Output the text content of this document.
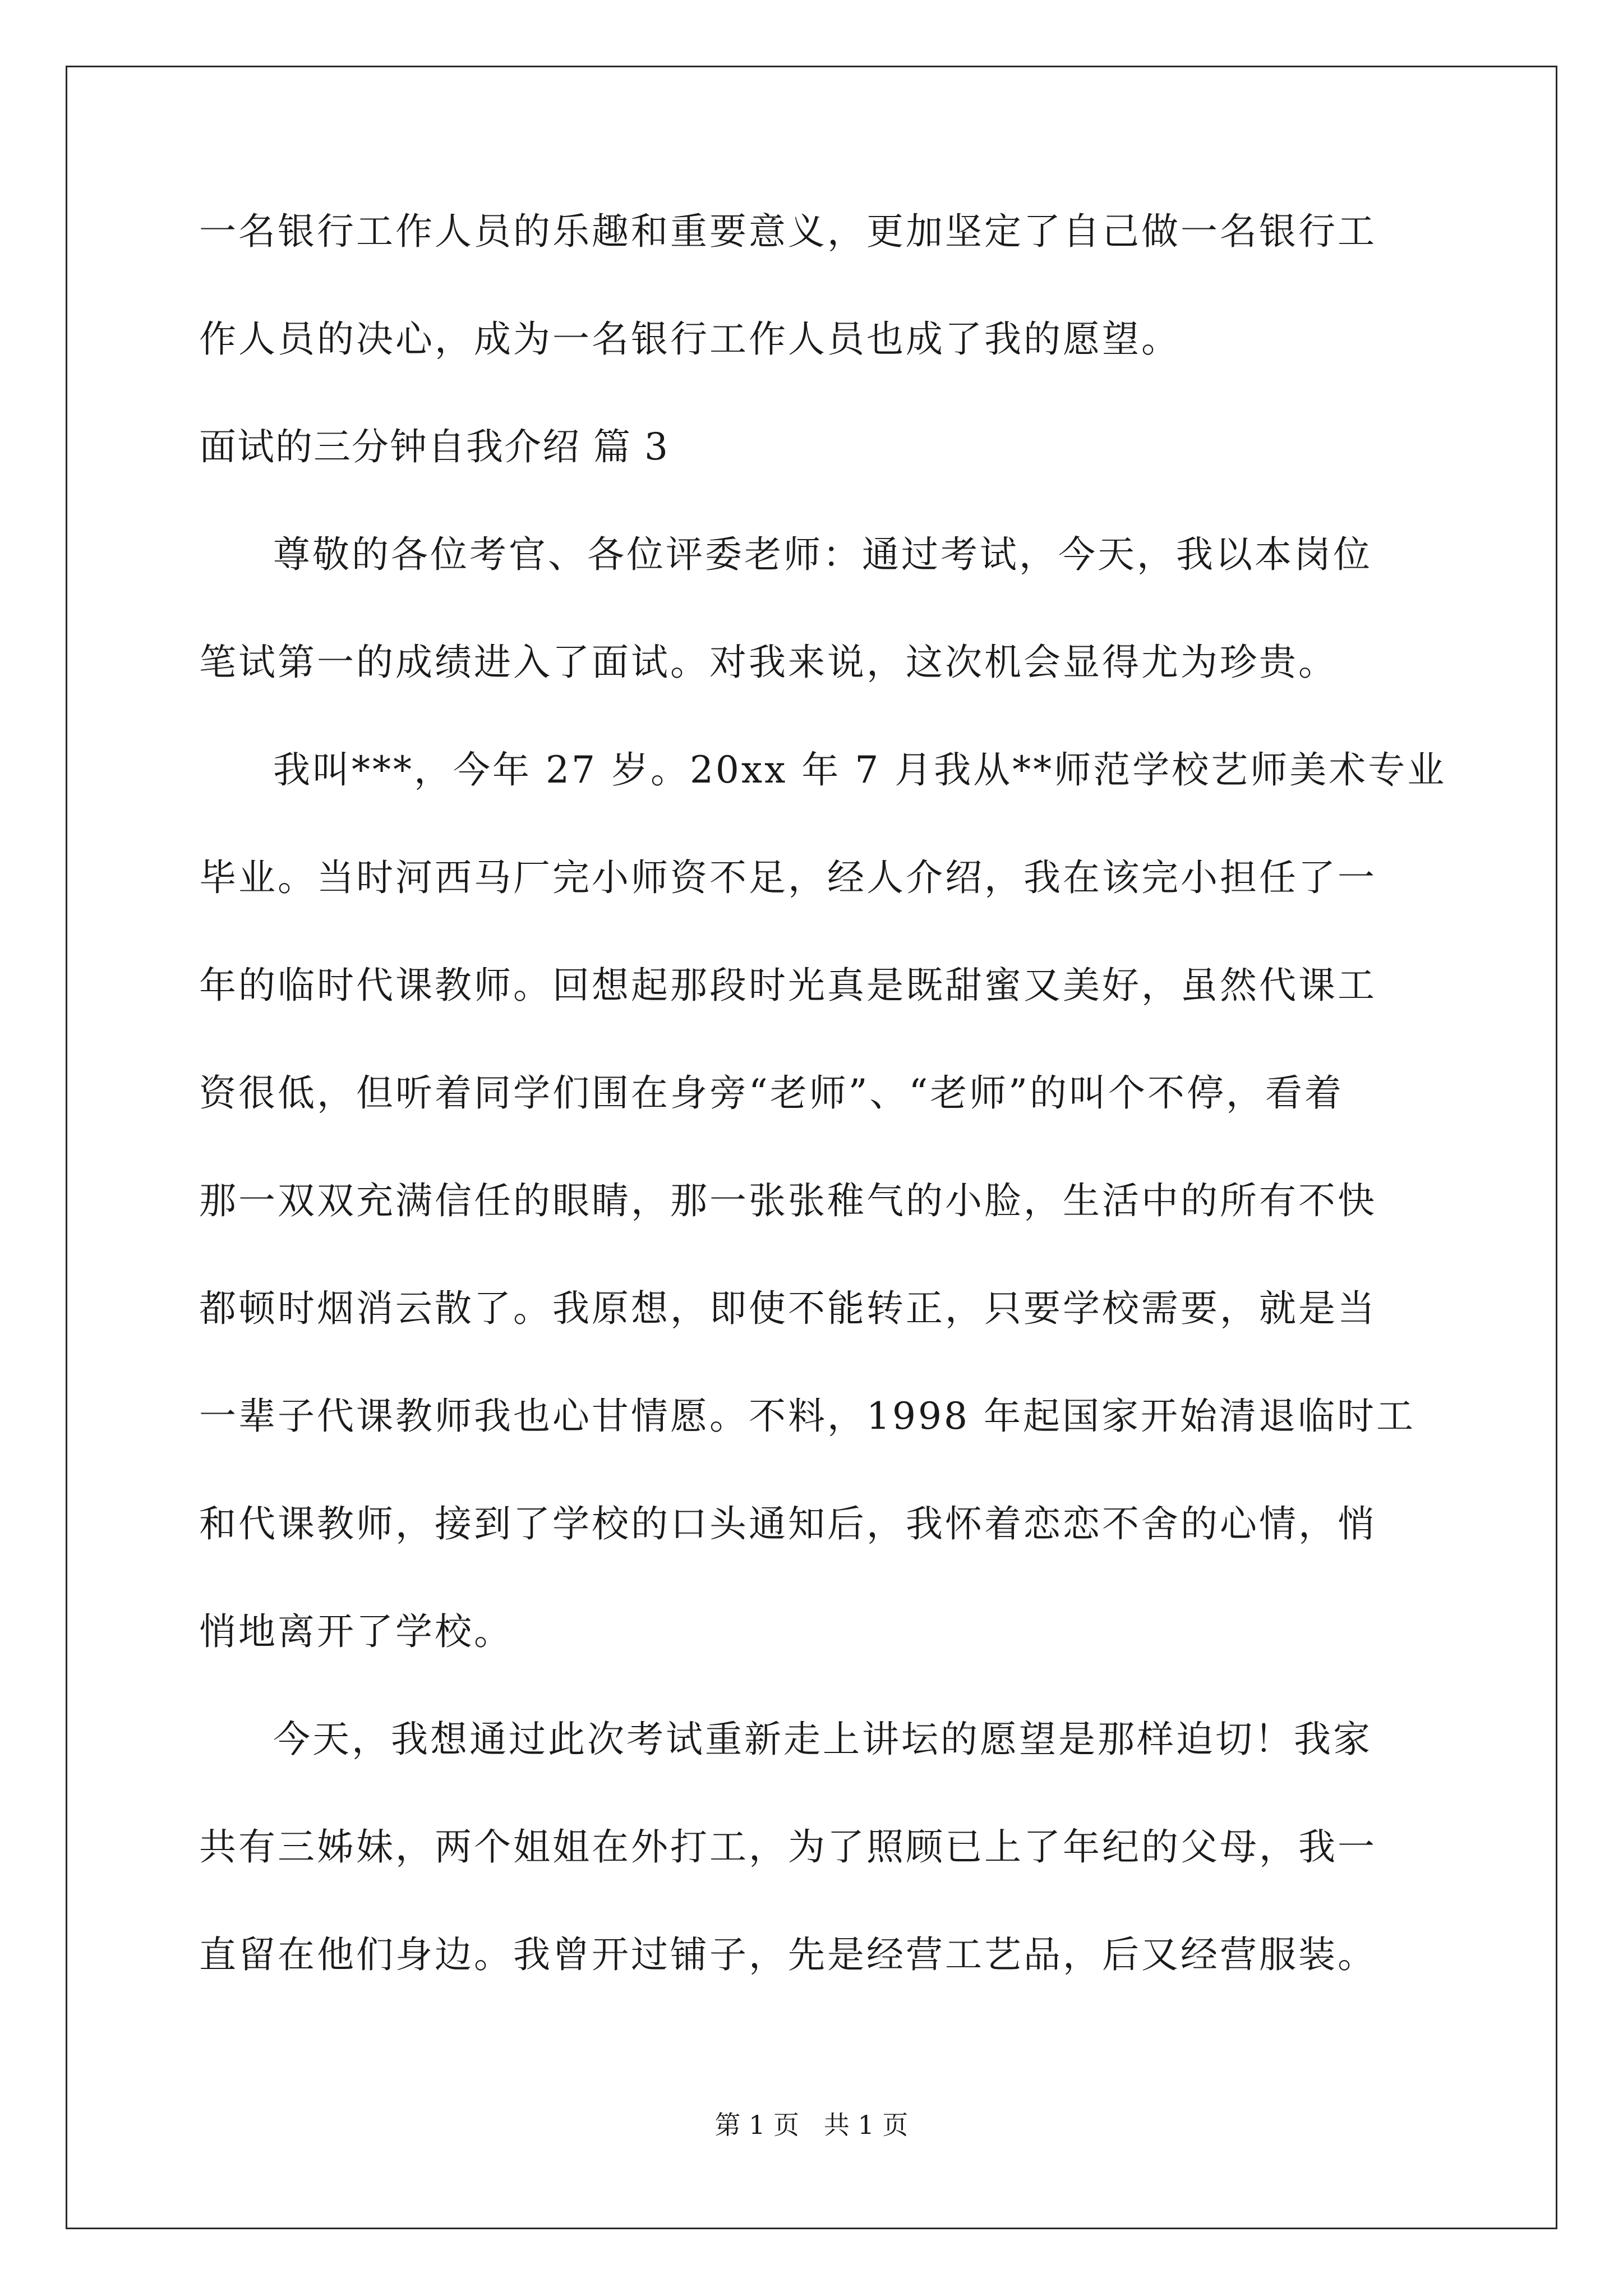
一名银行工作人员的乐趣和重要意义，更加坚定了自己做一名银行工
作人员的决心，成为一名银行工作人员也成了我的愿望。
面试的三分钟自我介绍 篇 3
尊敬的各位考官、各位评委老师：通过考试，今天，我以本岗位
笔试第一的成绩进入了面试。对我来说，这次机会显得尤为珍贵。
我叫***，今年 27 岁。20xx 年 7 月我从**师范学校艺师美术专业
毕业。当时河西马厂完小师资不足，经人介绍，我在该完小担任了一
年的临时代课教师。回想起那段时光真是既甜蜜又美好，虽然代课工
资很低，但听着同学们围在身旁“老师”、“老师”的叫个不停，看着
那一双双充满信任的眼睛，那一张张稚气的小脸，生活中的所有不快
都顿时烟消云散了。我原想，即使不能转正，只要学校需要，就是当
一辈子代课教师我也心甘情愿。不料，1998 年起国家开始清退临时工
和代课教师，接到了学校的口头通知后，我怀着恋恋不舍的心情，悄
悄地离开了学校。
今天，我想通过此次考试重新走上讲坛的愿望是那样迫切！我家
共有三姊妹，两个姐姐在外打工，为了照顾已上了年纪的父母，我一
直留在他们身边。我曾开过铺子，先是经营工艺品，后又经营服装。
第 1 页   共 1 页
